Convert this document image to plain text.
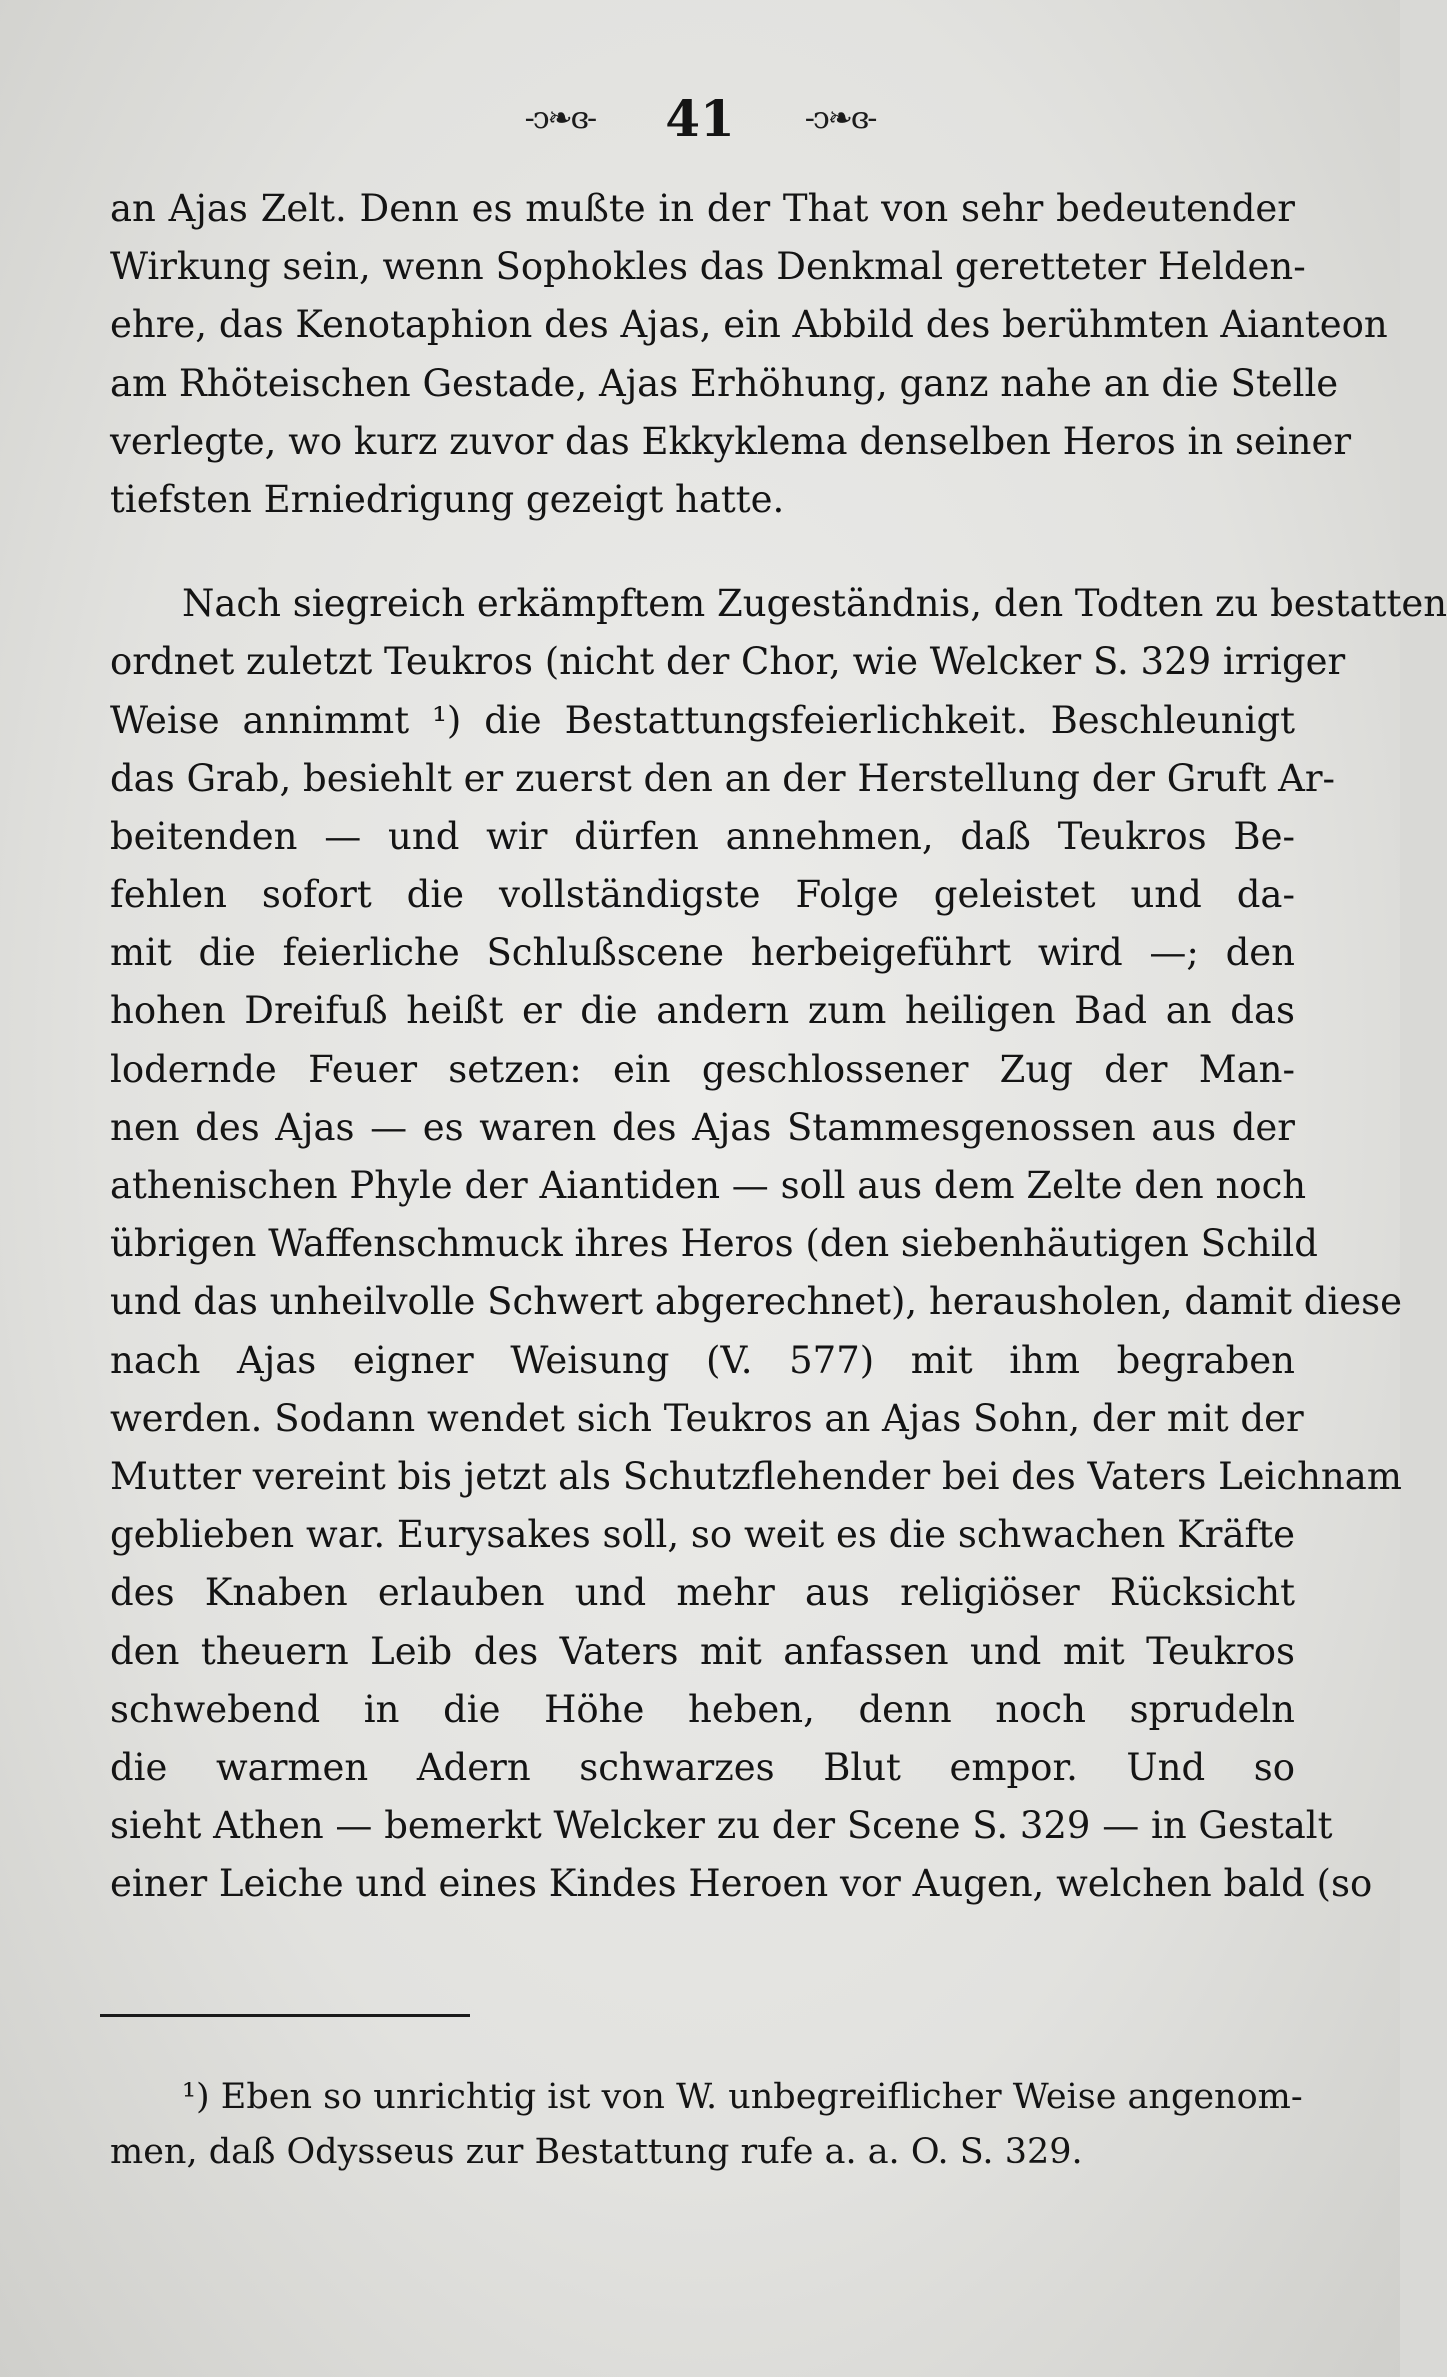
-ͻ❧ɞ- 41 -ͻ❧ɞ-
an Ajas Zelt. Denn es mußte in der That von sehr bedeutender
Wirkung sein, wenn Sophokles das Denkmal geretteter Helden-
ehre, das Kenotaphion des Ajas, ein Abbild des berühmten Aianteon
am Rhöteischen Gestade, Ajas Erhöhung, ganz nahe an die Stelle
verlegte, wo kurz zuvor das Ekkyklema denselben Heros in seiner
tiefsten Erniedrigung gezeigt hatte.
Nach siegreich erkämpftem Zugeständnis, den Todten zu bestatten
ordnet zuletzt Teukros (nicht der Chor, wie Welcker S. 329 irriger
Weise annimmt ¹) die Bestattungsfeierlichkeit. Beschleunigt
das Grab, besiehlt er zuerst den an der Herstellung der Gruft Ar-
beitenden — und wir dürfen annehmen, daß Teukros Be-
fehlen sofort die vollständigste Folge geleistet und da-
mit die feierliche Schlußscene herbeigeführt wird —; den
hohen Dreifuß heißt er die andern zum heiligen Bad an das
lodernde Feuer setzen: ein geschlossener Zug der Man-
nen des Ajas — es waren des Ajas Stammesgenossen aus der
athenischen Phyle der Aiantiden — soll aus dem Zelte den noch
übrigen Waffenschmuck ihres Heros (den siebenhäutigen Schild
und das unheilvolle Schwert abgerechnet), herausholen, damit diese
nach Ajas eigner Weisung (V. 577) mit ihm begraben
werden. Sodann wendet sich Teukros an Ajas Sohn, der mit der
Mutter vereint bis jetzt als Schutzflehender bei des Vaters Leichnam
geblieben war. Eurysakes soll, so weit es die schwachen Kräfte
des Knaben erlauben und mehr aus religiöser Rücksicht
den theuern Leib des Vaters mit anfassen und mit Teukros
schwebend in die Höhe heben, denn noch sprudeln
die warmen Adern schwarzes Blut empor. Und so
sieht Athen — bemerkt Welcker zu der Scene S. 329 — in Gestalt
einer Leiche und eines Kindes Heroen vor Augen, welchen bald (so
¹) Eben so unrichtig ist von W. unbegreiflicher Weise angenom-
men, daß Odysseus zur Bestattung rufe a. a. O. S. 329.
